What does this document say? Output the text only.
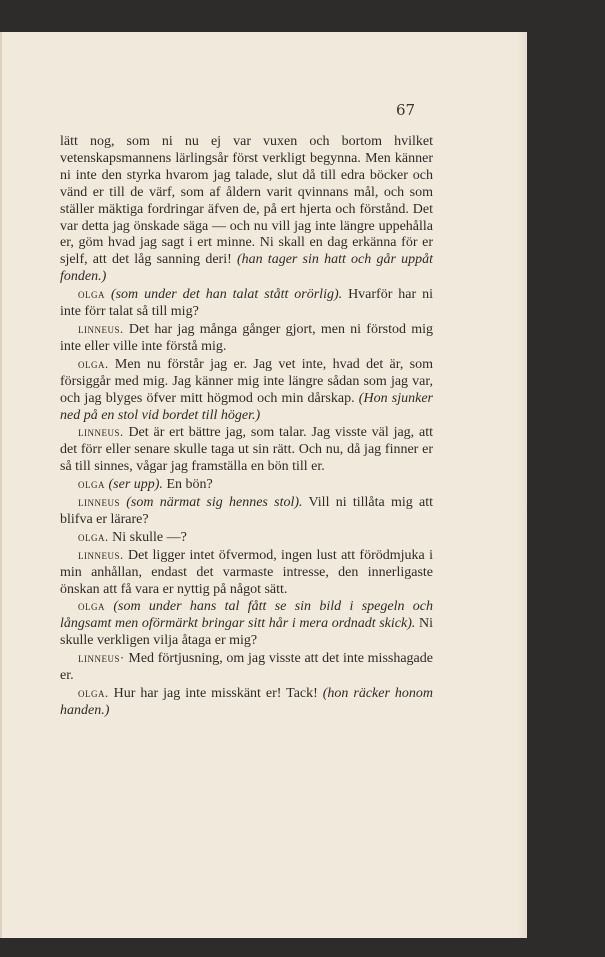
67

lätt nog, som ni nu ej var vuxen och bortom hvilket vetenskapsmannens lärlingsår först verkligt begynna. Men känner ni inte den styrka hvarom jag talade, slut då till edra böcker och vänd er till de värf, som af åldern varit qvinnans mål, och som ställer mäktiga fordringar äfven de, på ert hjerta och förstånd. Det var detta jag önskade säga — och nu vill jag inte längre uppehålla er, göm hvad jag sagt i ert minne. Ni skall en dag erkänna för er sjelf, att det låg sanning deri! (han tager sin hatt och går uppåt fonden.)

olga (som under det han talat stått orörlig). Hvarför har ni inte förr talat så till mig?

linneus. Det har jag många gånger gjort, men ni förstod mig inte eller ville inte förstå mig.

olga. Men nu förstår jag er. Jag vet inte, hvad det är, som försiggår med mig. Jag känner mig inte längre sådan som jag var, och jag blyges öfver mitt högmod och min dårskap. (Hon sjunker ned på en stol vid bordet till höger.)

linneus. Det är ert bättre jag, som talar. Jag visste väl jag, att det förr eller senare skulle taga ut sin rätt. Och nu, då jag finner er så till sinnes, vågar jag framställa en bön till er.

olga (ser upp). En bön?

linneus (som närmat sig hennes stol). Vill ni tillåta mig att blifva er lärare?

olga. Ni skulle —?

linneus. Det ligger intet öfvermod, ingen lust att förödmjuka i min anhållan, endast det varmaste intresse, den innerligaste önskan att få vara er nyttig på något sätt.

olga (som under hans tal fått se sin bild i spegeln och långsamt men oförmärkt bringar sitt hår i mera ordnadt skick). Ni skulle verkligen vilja åtaga er mig?

linneus· Med förtjusning, om jag visste att det inte misshagade er.

olga. Hur har jag inte misskänt er! Tack! (hon räcker honom handen.)
